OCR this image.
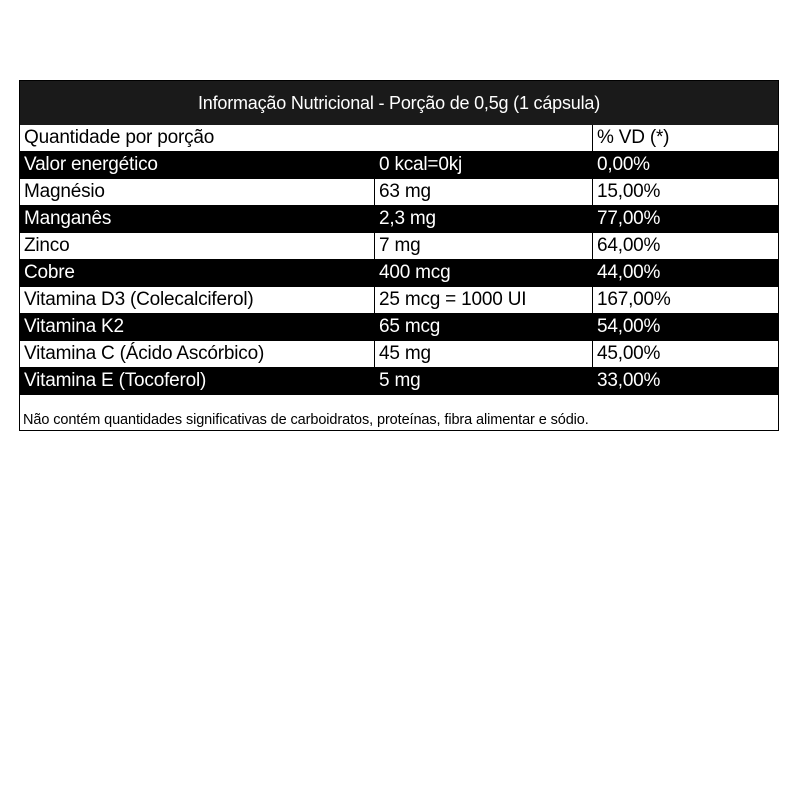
Informação Nutricional - Porção de 0,5g (1 cápsula)
Quantidade por porção	% VD (*)
Valor energético	0 kcal=0kj	0,00%
Magnésio	63 mg	15,00%
Manganês	2,3 mg	77,00%
Zinco	7 mg	64,00%
Cobre	400 mcg	44,00%
Vitamina D3 (Colecalciferol)	25 mcg = 1000 UI	167,00%
Vitamina K2	65 mcg	54,00%
Vitamina C (Ácido Ascórbico)	45 mg	45,00%
Vitamina E (Tocoferol)	5 mg	33,00%
Não contém quantidades significativas de carboidratos, proteínas, fibra alimentar e sódio.
